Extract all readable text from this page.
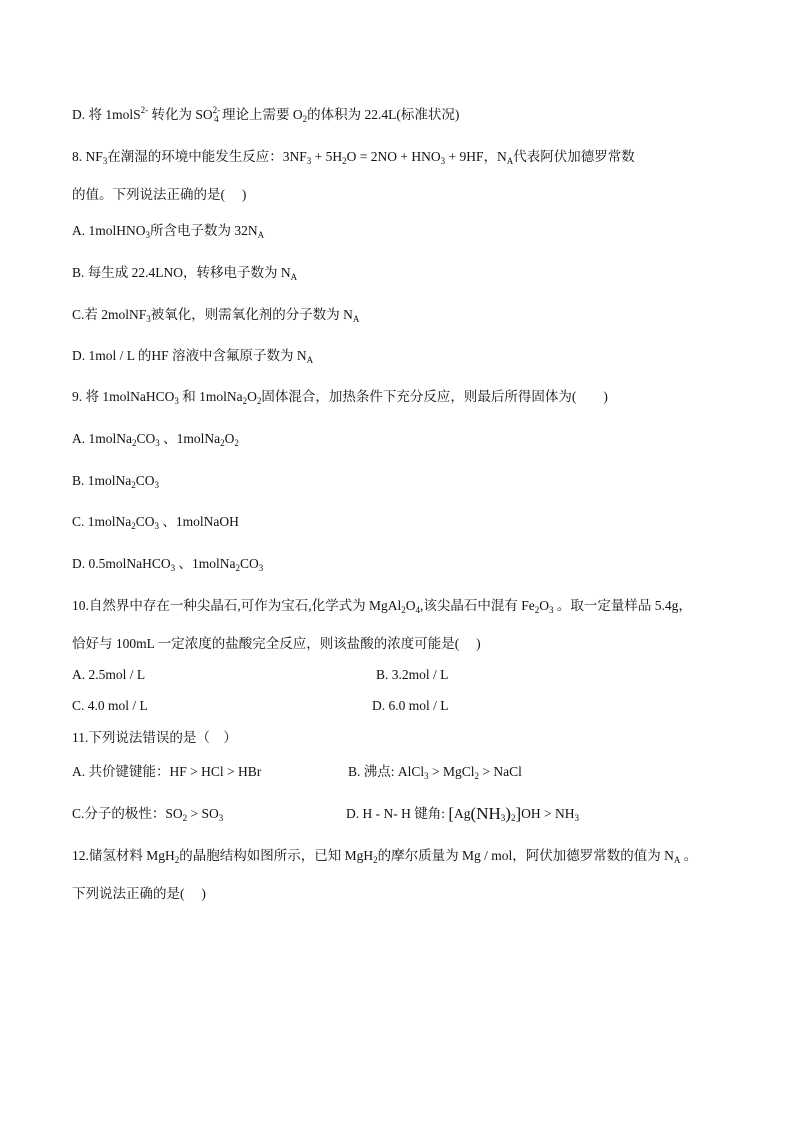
D. 将 1molS$^{2-}$ 转化为 $SO^{2-}_4$ 理论上需要 $O_2$的体积为 22.4L(标准状况)
8. $NF_3$在潮湿的环境中能发生反应：$3NF_3 + 5H_2O = 2NO + HNO_3 + 9HF$，$N_A$代表阿伏加德罗常数
的值。下列说法正确的是(　 )
A. 1molHNO$_3$所含电子数为 $32N_A$
B. 每生成 22.4LNO，转移电子数为 $N_A$
C.若 2molNF$_3$被氧化，则需氧化剂的分子数为 $N_A$
D. 1mol / L 的HF 溶液中含氟原子数为 $N_A$
9. 将 1molNaHCO$_3$ 和 $1molNa_2O_2$固体混合，加热条件下充分反应，则最后所得固体为(　　)
A. $1molNa_2CO_3$ 、$1molNa_2O_2$
B. $1molNa_2CO_3$
C. $1molNa_2CO_3$ 、1molNaOH
D. 0.5molNaHCO$_3$ 、$1molNa_2CO_3$
10.自然界中存在一种尖晶石,可作为宝石,化学式为 $MgAl_2O_4$,该尖晶石中混有 $Fe_2O_3$ 。取一定量样品 5.4g，
恰好与 100mL 一定浓度的盐酸完全反应，则该盐酸的浓度可能是(　 )
A. 2.5mol / L	B. 3.2mol / L
C. 4.0 mol / L	D. 6.0 mol / L
11.下列说法错误的是（　）
A. 共价键键能：HF > HCl > HBr	B. 沸点: AlCl$_3$ > MgCl$_2$ > NaCl
C.分子的极性：$SO_2 > SO_3$	D. H - N- H 键角: $[Ag(NH_3)_2]OH > NH_3$
12.储氢材料 MgH$_2$的晶胞结构如图所示，已知 MgH$_2$的摩尔质量为 Mg / mol，阿伏加德罗常数的值为 $N_A$ 。
下列说法正确的是(　 )
